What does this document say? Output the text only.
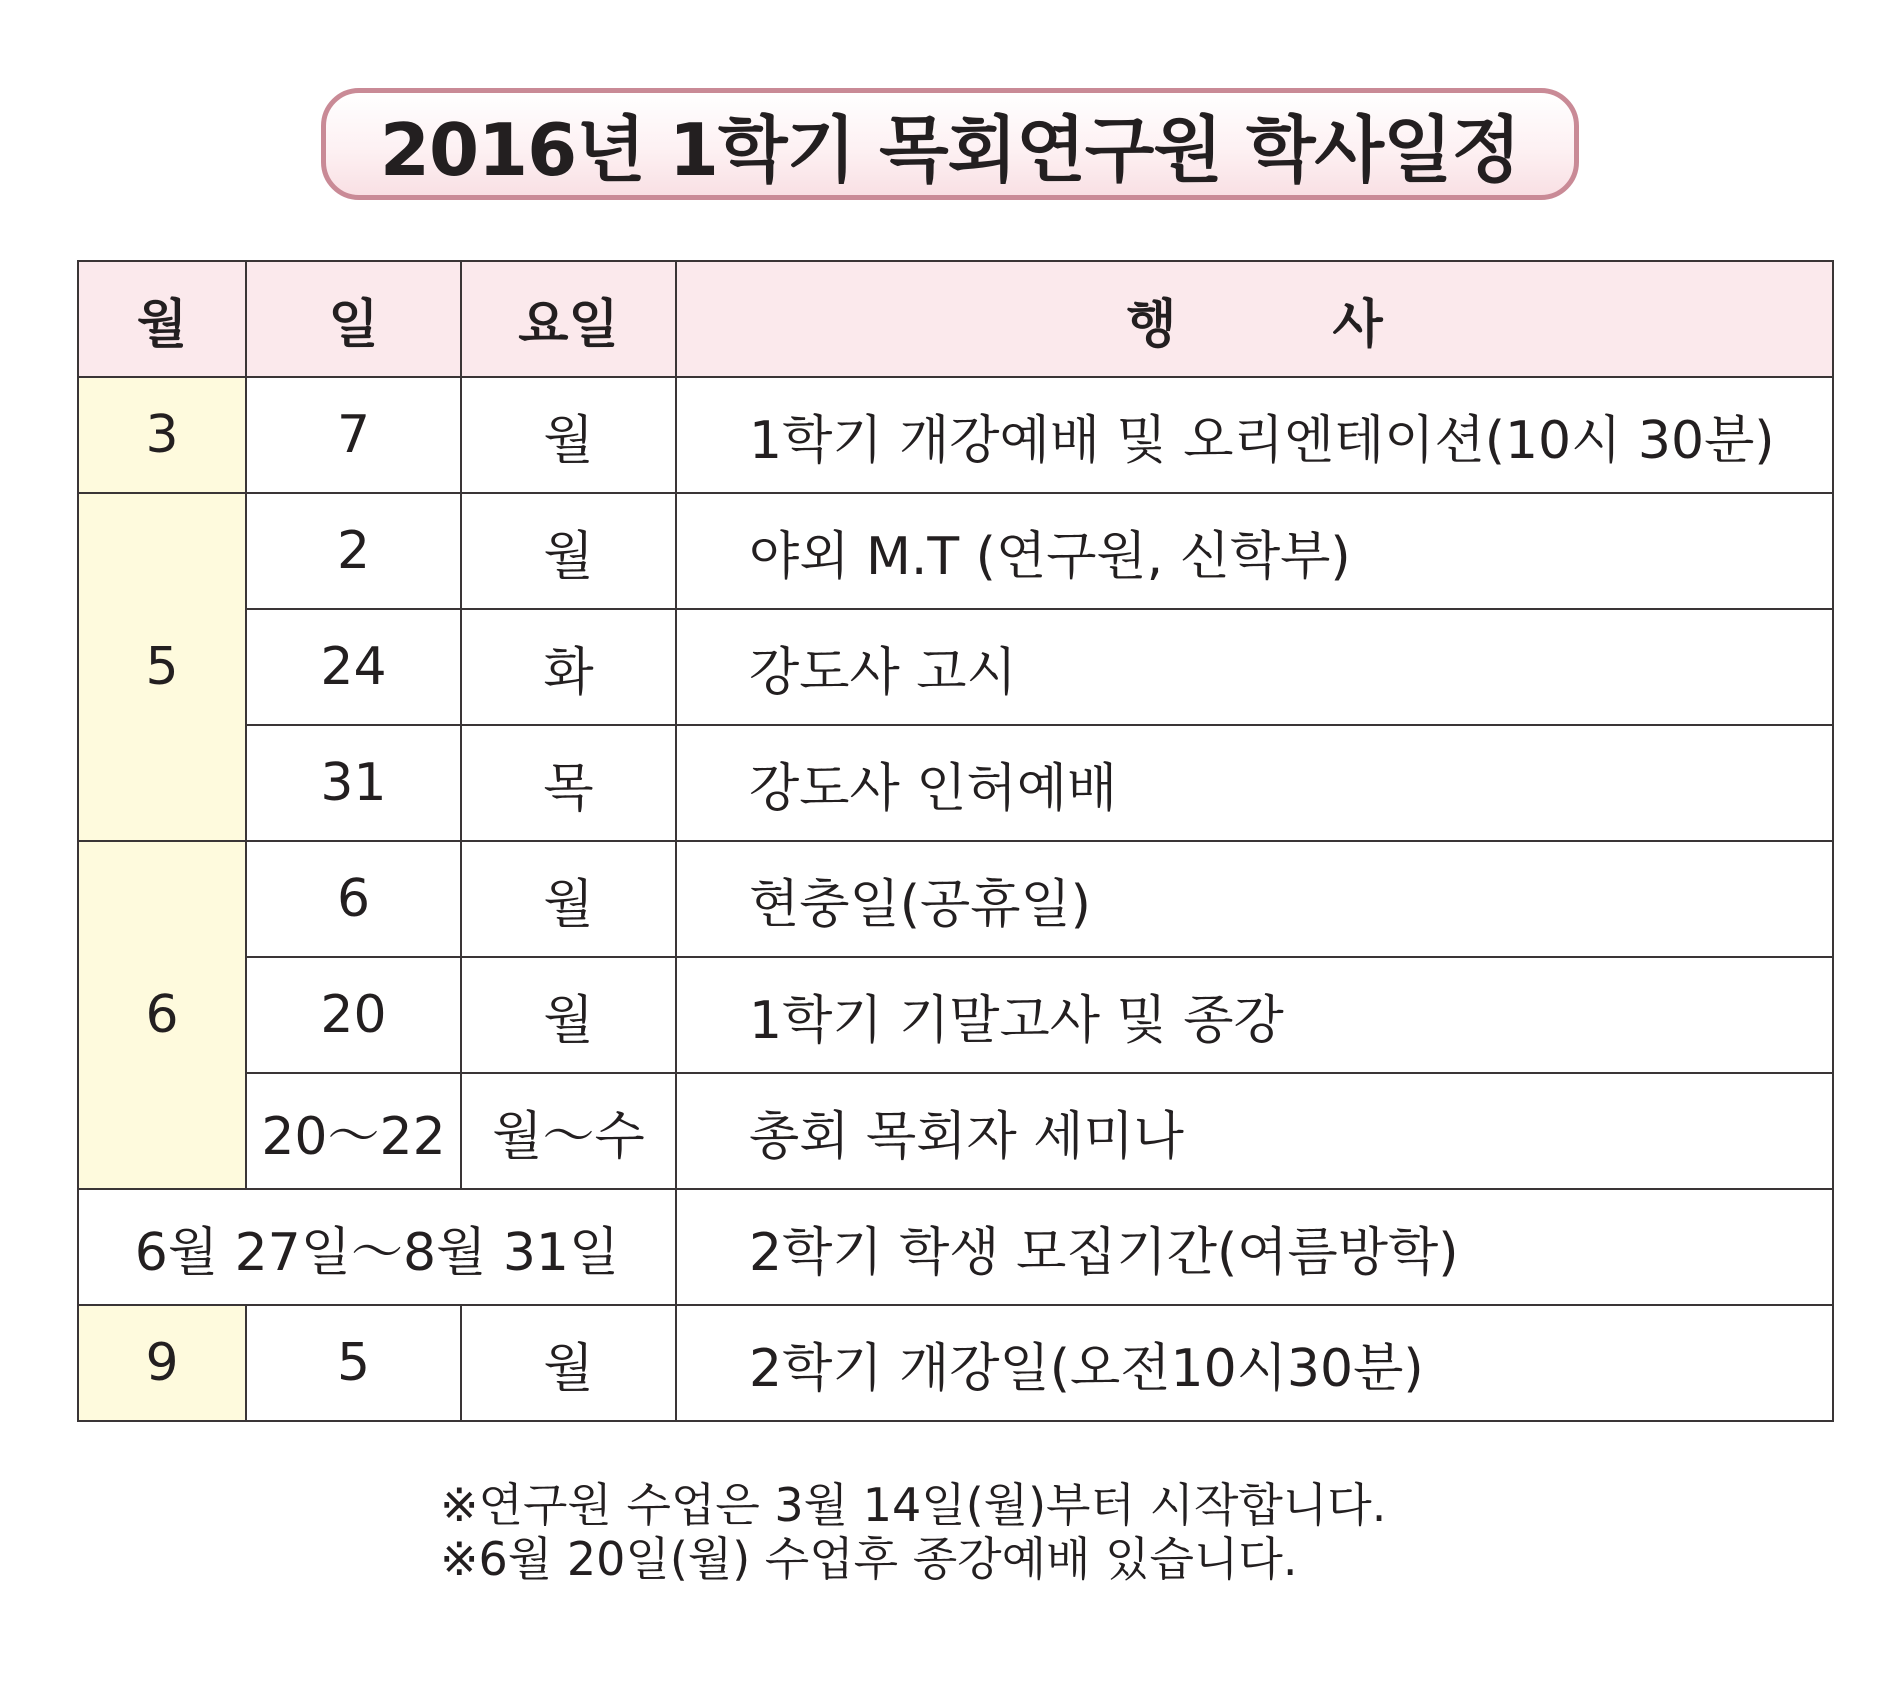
2016년 1학기 목회연구원 학사일정
월	일	요일	행　　　사
3	7	월	1학기 개강예배 및 오리엔테이션(10시 30분)
5	2	월	야외 M.T (연구원, 신학부)
	24	화	강도사 고시
	31	목	강도사 인허예배
6	6	월	현충일(공휴일)
	20	월	1학기 기말고사 및 종강
	20～22	월～수	총회 목회자 세미나
6월 27일～8월 31일			2학기 학생 모집기간(여름방학)
9	5	월	2학기 개강일(오전10시30분)
※연구원 수업은 3월 14일(월)부터 시작합니다.
※6월 20일(월) 수업후 종강예배 있습니다.
